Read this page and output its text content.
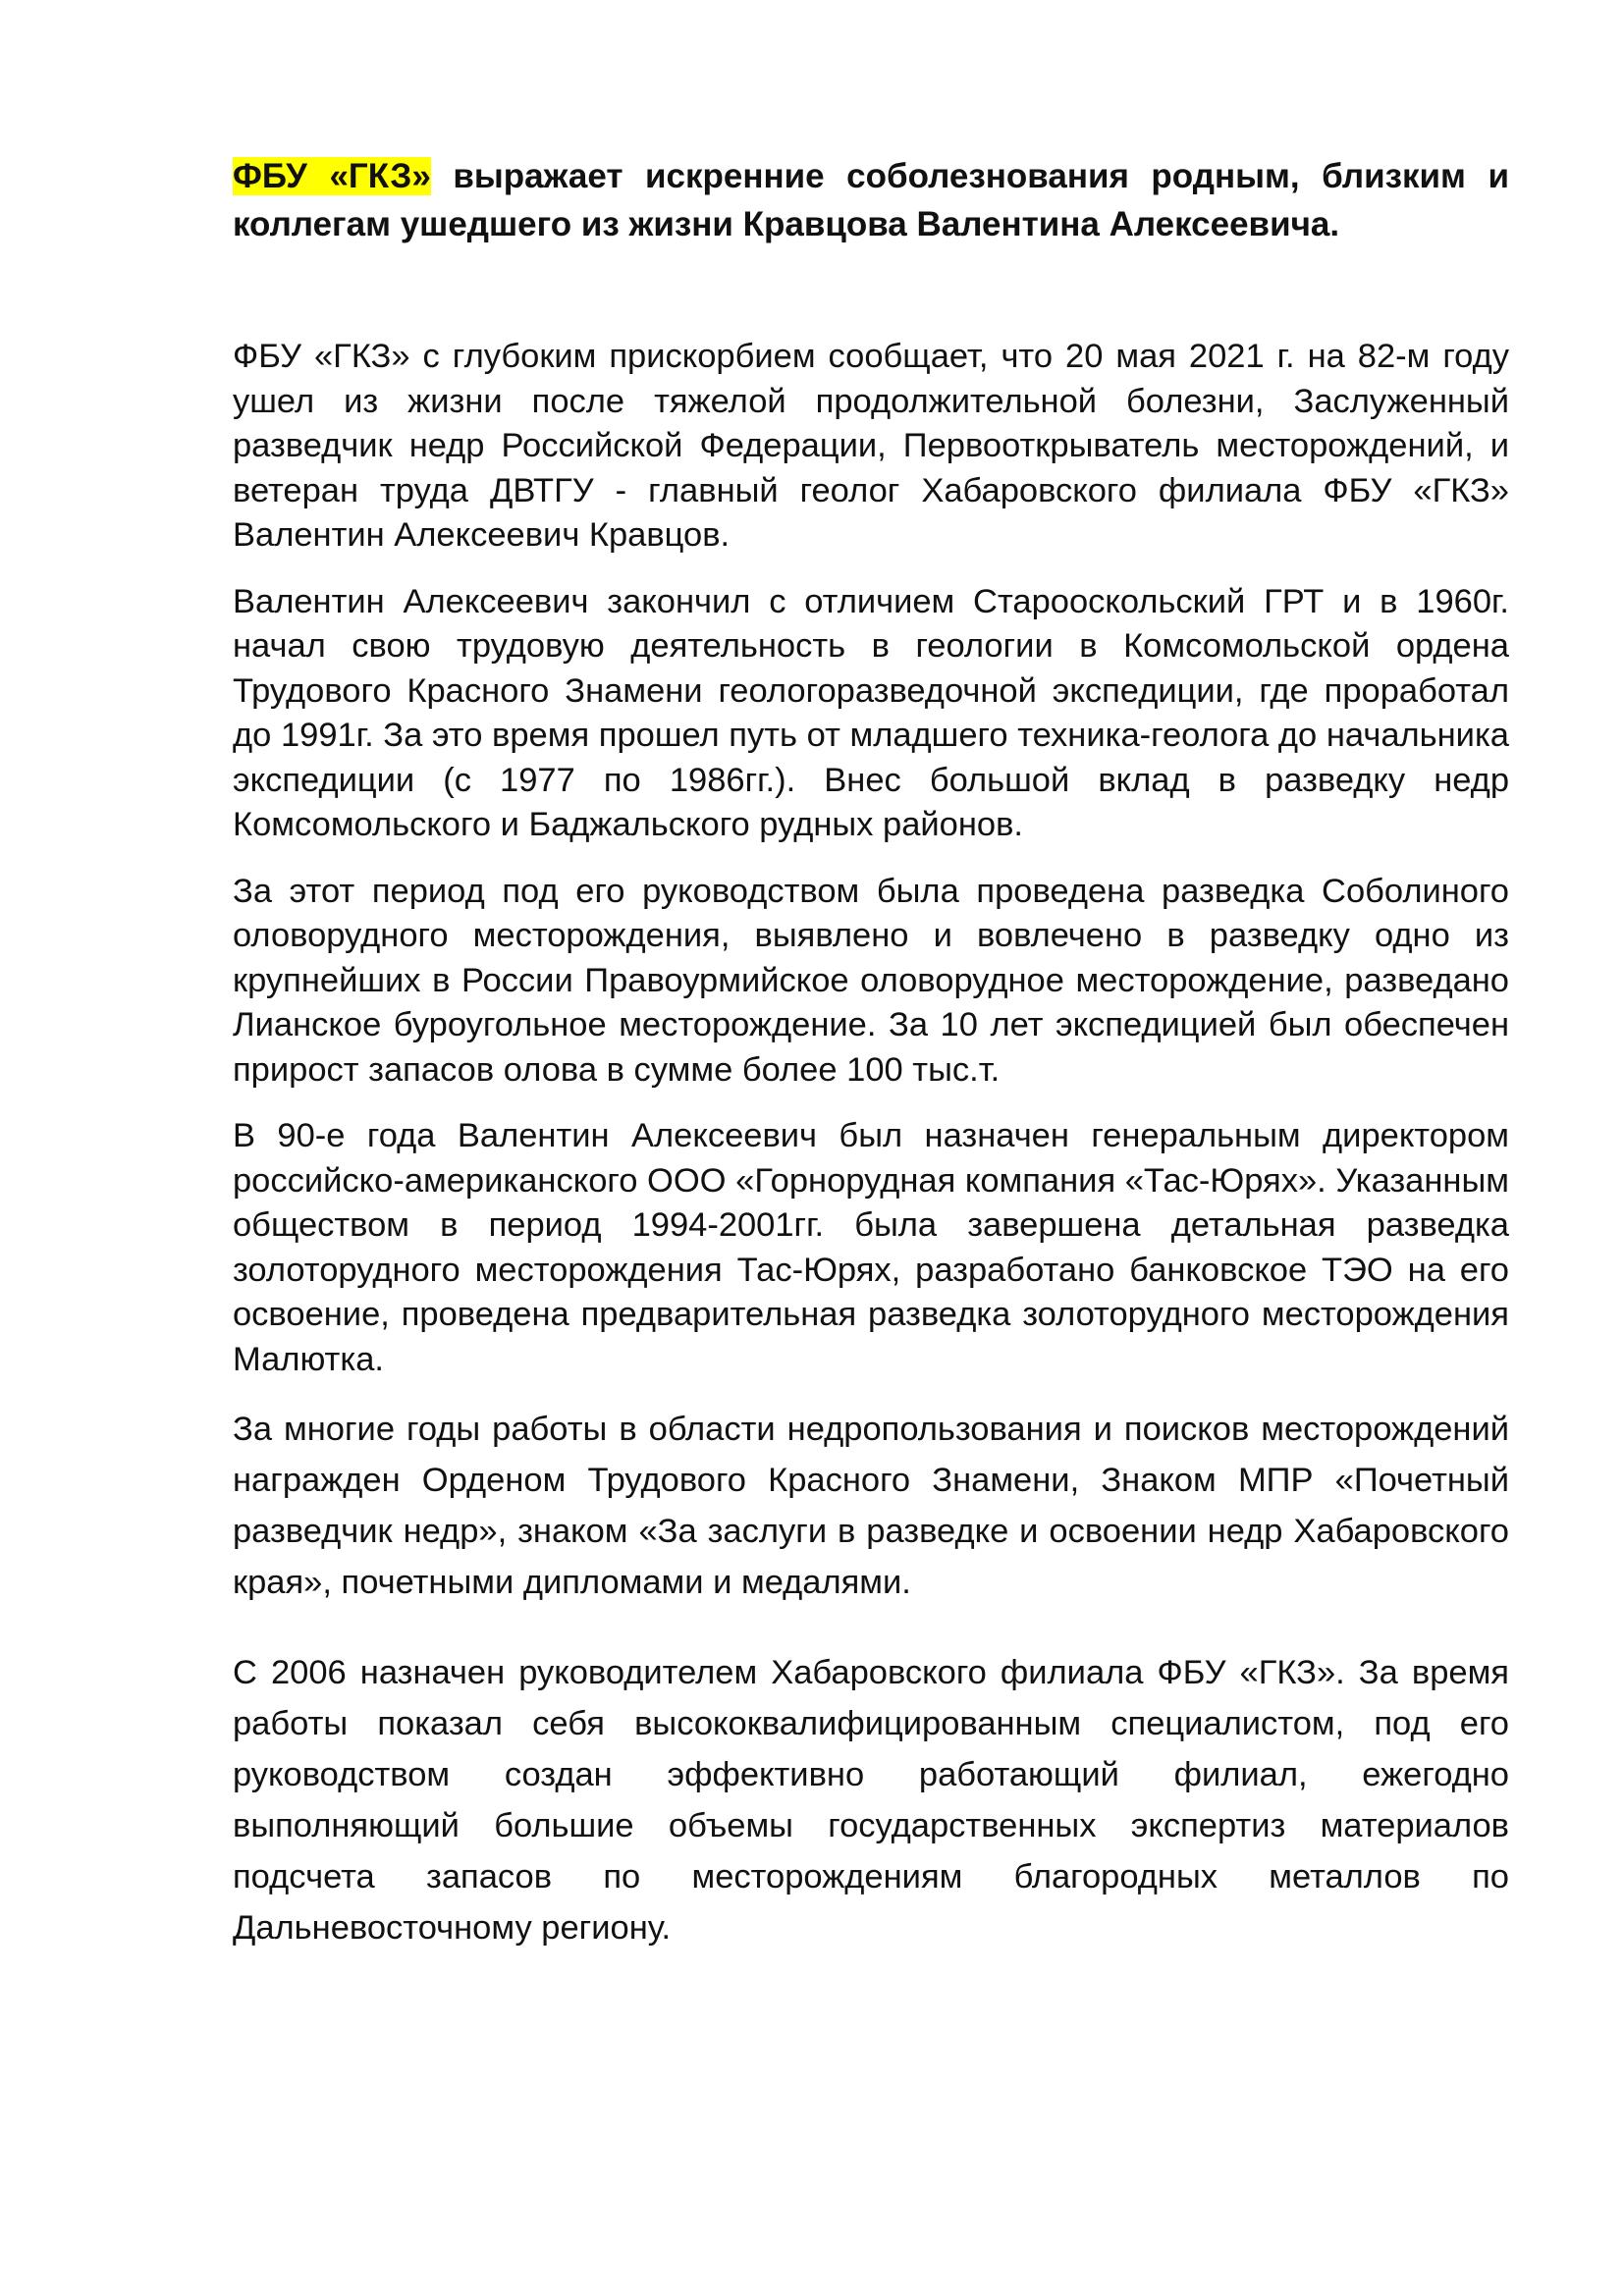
ФБУ «ГКЗ» выражает искренние соболезнования родным, близким и коллегам ушедшего из жизни Кравцова Валентина Алексеевича.

ФБУ «ГКЗ» с глубоким прискорбием сообщает, что 20 мая 2021 г. на 82-м году ушел из жизни после тяжелой продолжительной болезни, Заслуженный разведчик недр Российской Федерации, Первооткрыватель месторождений, и ветеран труда ДВТГУ - главный геолог Хабаровского филиала ФБУ «ГКЗ» Валентин Алексеевич Кравцов.

Валентин Алексеевич закончил с отличием Старооскольский ГРТ и в 1960г. начал свою трудовую деятельность в геологии в Комсомольской ордена Трудового Красного Знамени геологоразведочной экспедиции, где проработал до 1991г. За это время прошел путь от младшего техника-геолога до начальника экспедиции (с 1977 по 1986гг.). Внес большой вклад в разведку недр Комсомольского и Баджальского рудных районов.

За этот период под его руководством была проведена разведка Соболиного оловорудного месторождения, выявлено и вовлечено в разведку одно из крупнейших в России Правоурмийское оловорудное месторождение, разведано Лианское буроугольное месторождение. За 10 лет экспедицией был обеспечен прирост запасов олова в сумме более 100 тыс.т.

В 90-е года Валентин Алексеевич был назначен генеральным директором российско-американского ООО «Горнорудная компания «Тас-Юрях». Указанным обществом в период 1994-2001гг. была завершена детальная разведка золоторудного месторождения Тас-Юрях, разработано банковское ТЭО на его освоение, проведена предварительная разведка золоторудного месторождения Малютка.

За многие годы работы в области недропользования и поисков месторождений награжден Орденом Трудового Красного Знамени, Знаком МПР «Почетный разведчик недр», знаком «За заслуги в разведке и освоении недр Хабаровского края», почетными дипломами и медалями.

С 2006 назначен руководителем Хабаровского филиала ФБУ «ГКЗ». За время работы показал себя высококвалифицированным специалистом, под его руководством создан эффективно работающий филиал, ежегодно выполняющий большие объемы государственных экспертиз материалов подсчета запасов по месторождениям благородных металлов по Дальневосточному региону.
